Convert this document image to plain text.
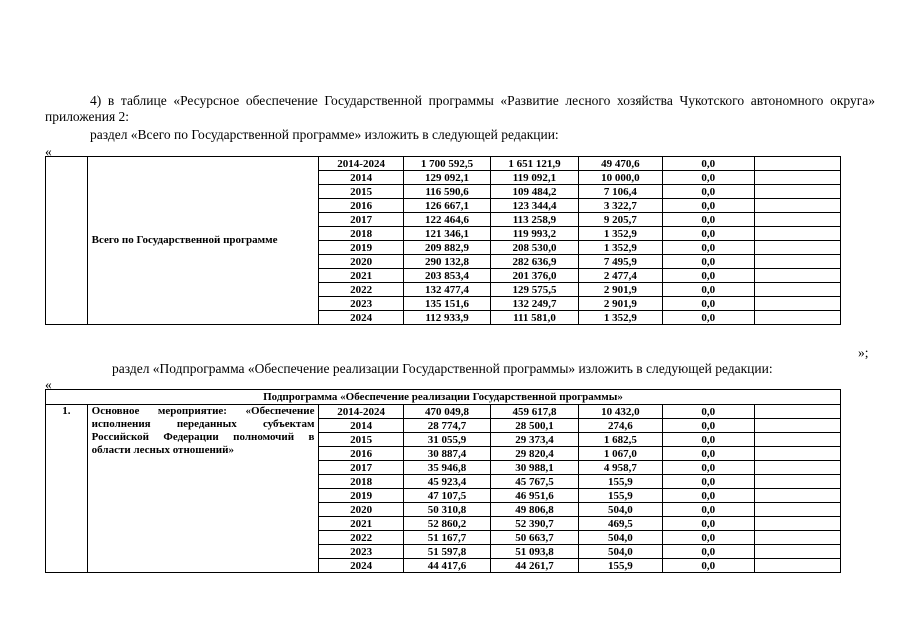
4) в таблице «Ресурсное обеспечение Государственной программы «Развитие лесного хозяйства Чукотского автономного округа» приложения 2:
раздел «Всего по Государственной программе» изложить в следующей редакции:
«
	Всего по Государственной программе	2014-2024	1 700 592,5	1 651 121,9	49 470,6	0,0	
		2014	129 092,1	119 092,1	10 000,0	0,0	
		2015	116 590,6	109 484,2	7 106,4	0,0	
		2016	126 667,1	123 344,4	3 322,7	0,0	
		2017	122 464,6	113 258,9	9 205,7	0,0	
		2018	121 346,1	119 993,2	1 352,9	0,0	
		2019	209 882,9	208 530,0	1 352,9	0,0	
		2020	290 132,8	282 636,9	7 495,9	0,0	
		2021	203 853,4	201 376,0	2 477,4	0,0	
		2022	132 477,4	129 575,5	2 901,9	0,0	
		2023	135 151,6	132 249,7	2 901,9	0,0	
		2024	112 933,9	111 581,0	1 352,9	0,0	
»;
раздел «Подпрограмма «Обеспечение реализации Государственной программы» изложить в следующей редакции:
«
Подпрограмма «Обеспечение реализации Государственной программы»							
1.	Основное мероприятие: «Обеспечение исполнения переданных субъектам Российской Федерации полномочий в области лесных отношений»	2014-2024	470 049,8	459 617,8	10 432,0	0,0	
		2014	28 774,7	28 500,1	274,6	0,0	
		2015	31 055,9	29 373,4	1 682,5	0,0	
		2016	30 887,4	29 820,4	1 067,0	0,0	
		2017	35 946,8	30 988,1	4 958,7	0,0	
		2018	45 923,4	45 767,5	155,9	0,0	
		2019	47 107,5	46 951,6	155,9	0,0	
		2020	50 310,8	49 806,8	504,0	0,0	
		2021	52 860,2	52 390,7	469,5	0,0	
		2022	51 167,7	50 663,7	504,0	0,0	
		2023	51 597,8	51 093,8	504,0	0,0	
		2024	44 417,6	44 261,7	155,9	0,0	
